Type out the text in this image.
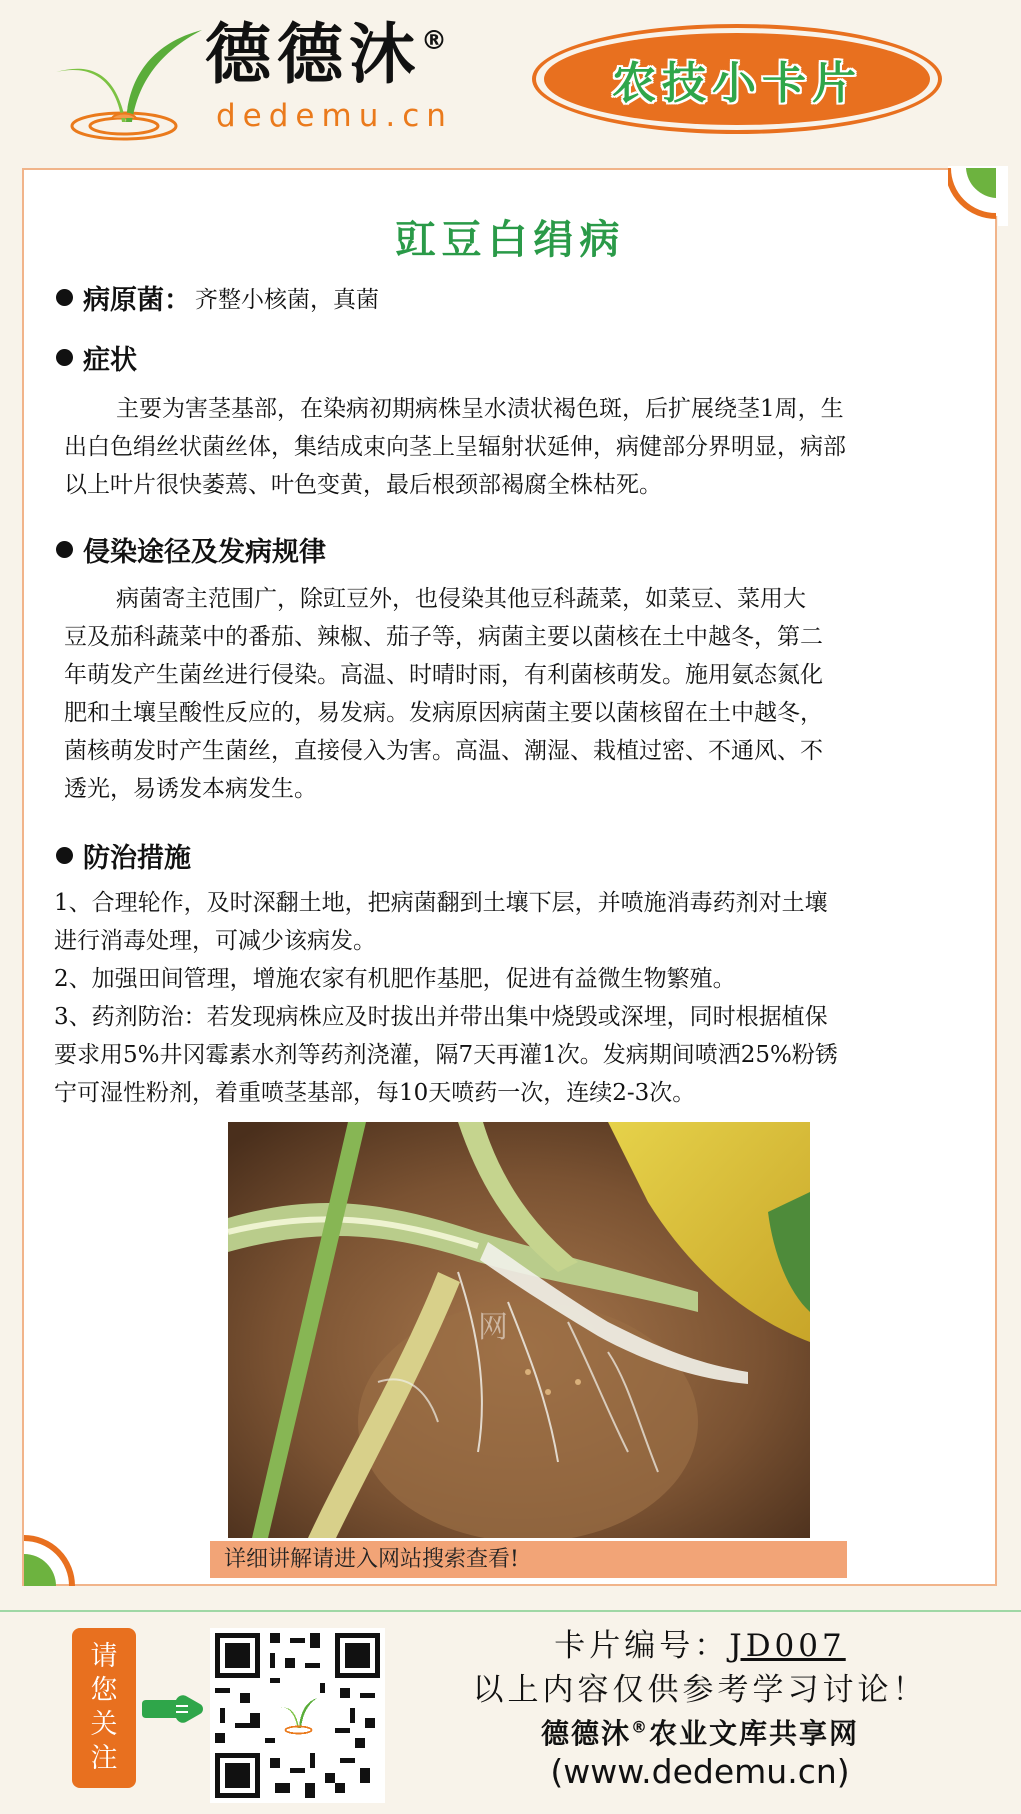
德德沐®
dedemu.cn
农技小卡片
豇豆白绢病
病原菌： 齐整小核菌，真菌
症状

主要为害茎基部，在染病初期病株呈水渍状褐色斑，后扩展绕茎1周，生

出白色绢丝状菌丝体，集结成束向茎上呈辐射状延伸，病健部分界明显，病部

以上叶片很快萎蔫、叶色变黄，最后根颈部褐腐全株枯死。

侵染途径及发病规律

病菌寄主范围广，除豇豆外，也侵染其他豆科蔬菜，如菜豆、菜用大

豆及茄科蔬菜中的番茄、辣椒、茄子等，病菌主要以菌核在土中越冬，第二

年萌发产生菌丝进行侵染。高温、时晴时雨，有利菌核萌发。施用氨态氮化

肥和土壤呈酸性反应的，易发病。发病原因病菌主要以菌核留在土中越冬，

菌核萌发时产生菌丝，直接侵入为害。高温、潮湿、栽植过密、不通风、不

透光，易诱发本病发生。

防治措施

1、合理轮作，及时深翻土地，把病菌翻到土壤下层，并喷施消毒药剂对土壤

进行消毒处理，可减少该病发。

2、加强田间管理，增施农家有机肥作基肥，促进有益微生物繁殖。

3、药剂防治：若发现病株应及时拔出并带出集中烧毁或深埋，同时根据植保

要求用5%井冈霉素水剂等药剂浇灌，隔7天再灌1次。发病期间喷洒25%粉锈

宁可湿性粉剂，着重喷茎基部，每10天喷药一次，连续2-3次。

网
详细讲解请进入网站搜索查看!
请
您
关
注
卡片编号：JD007
以上内容仅供参考学习讨论！
德德沐®农业文库共享网
(www.dedemu.cn)
